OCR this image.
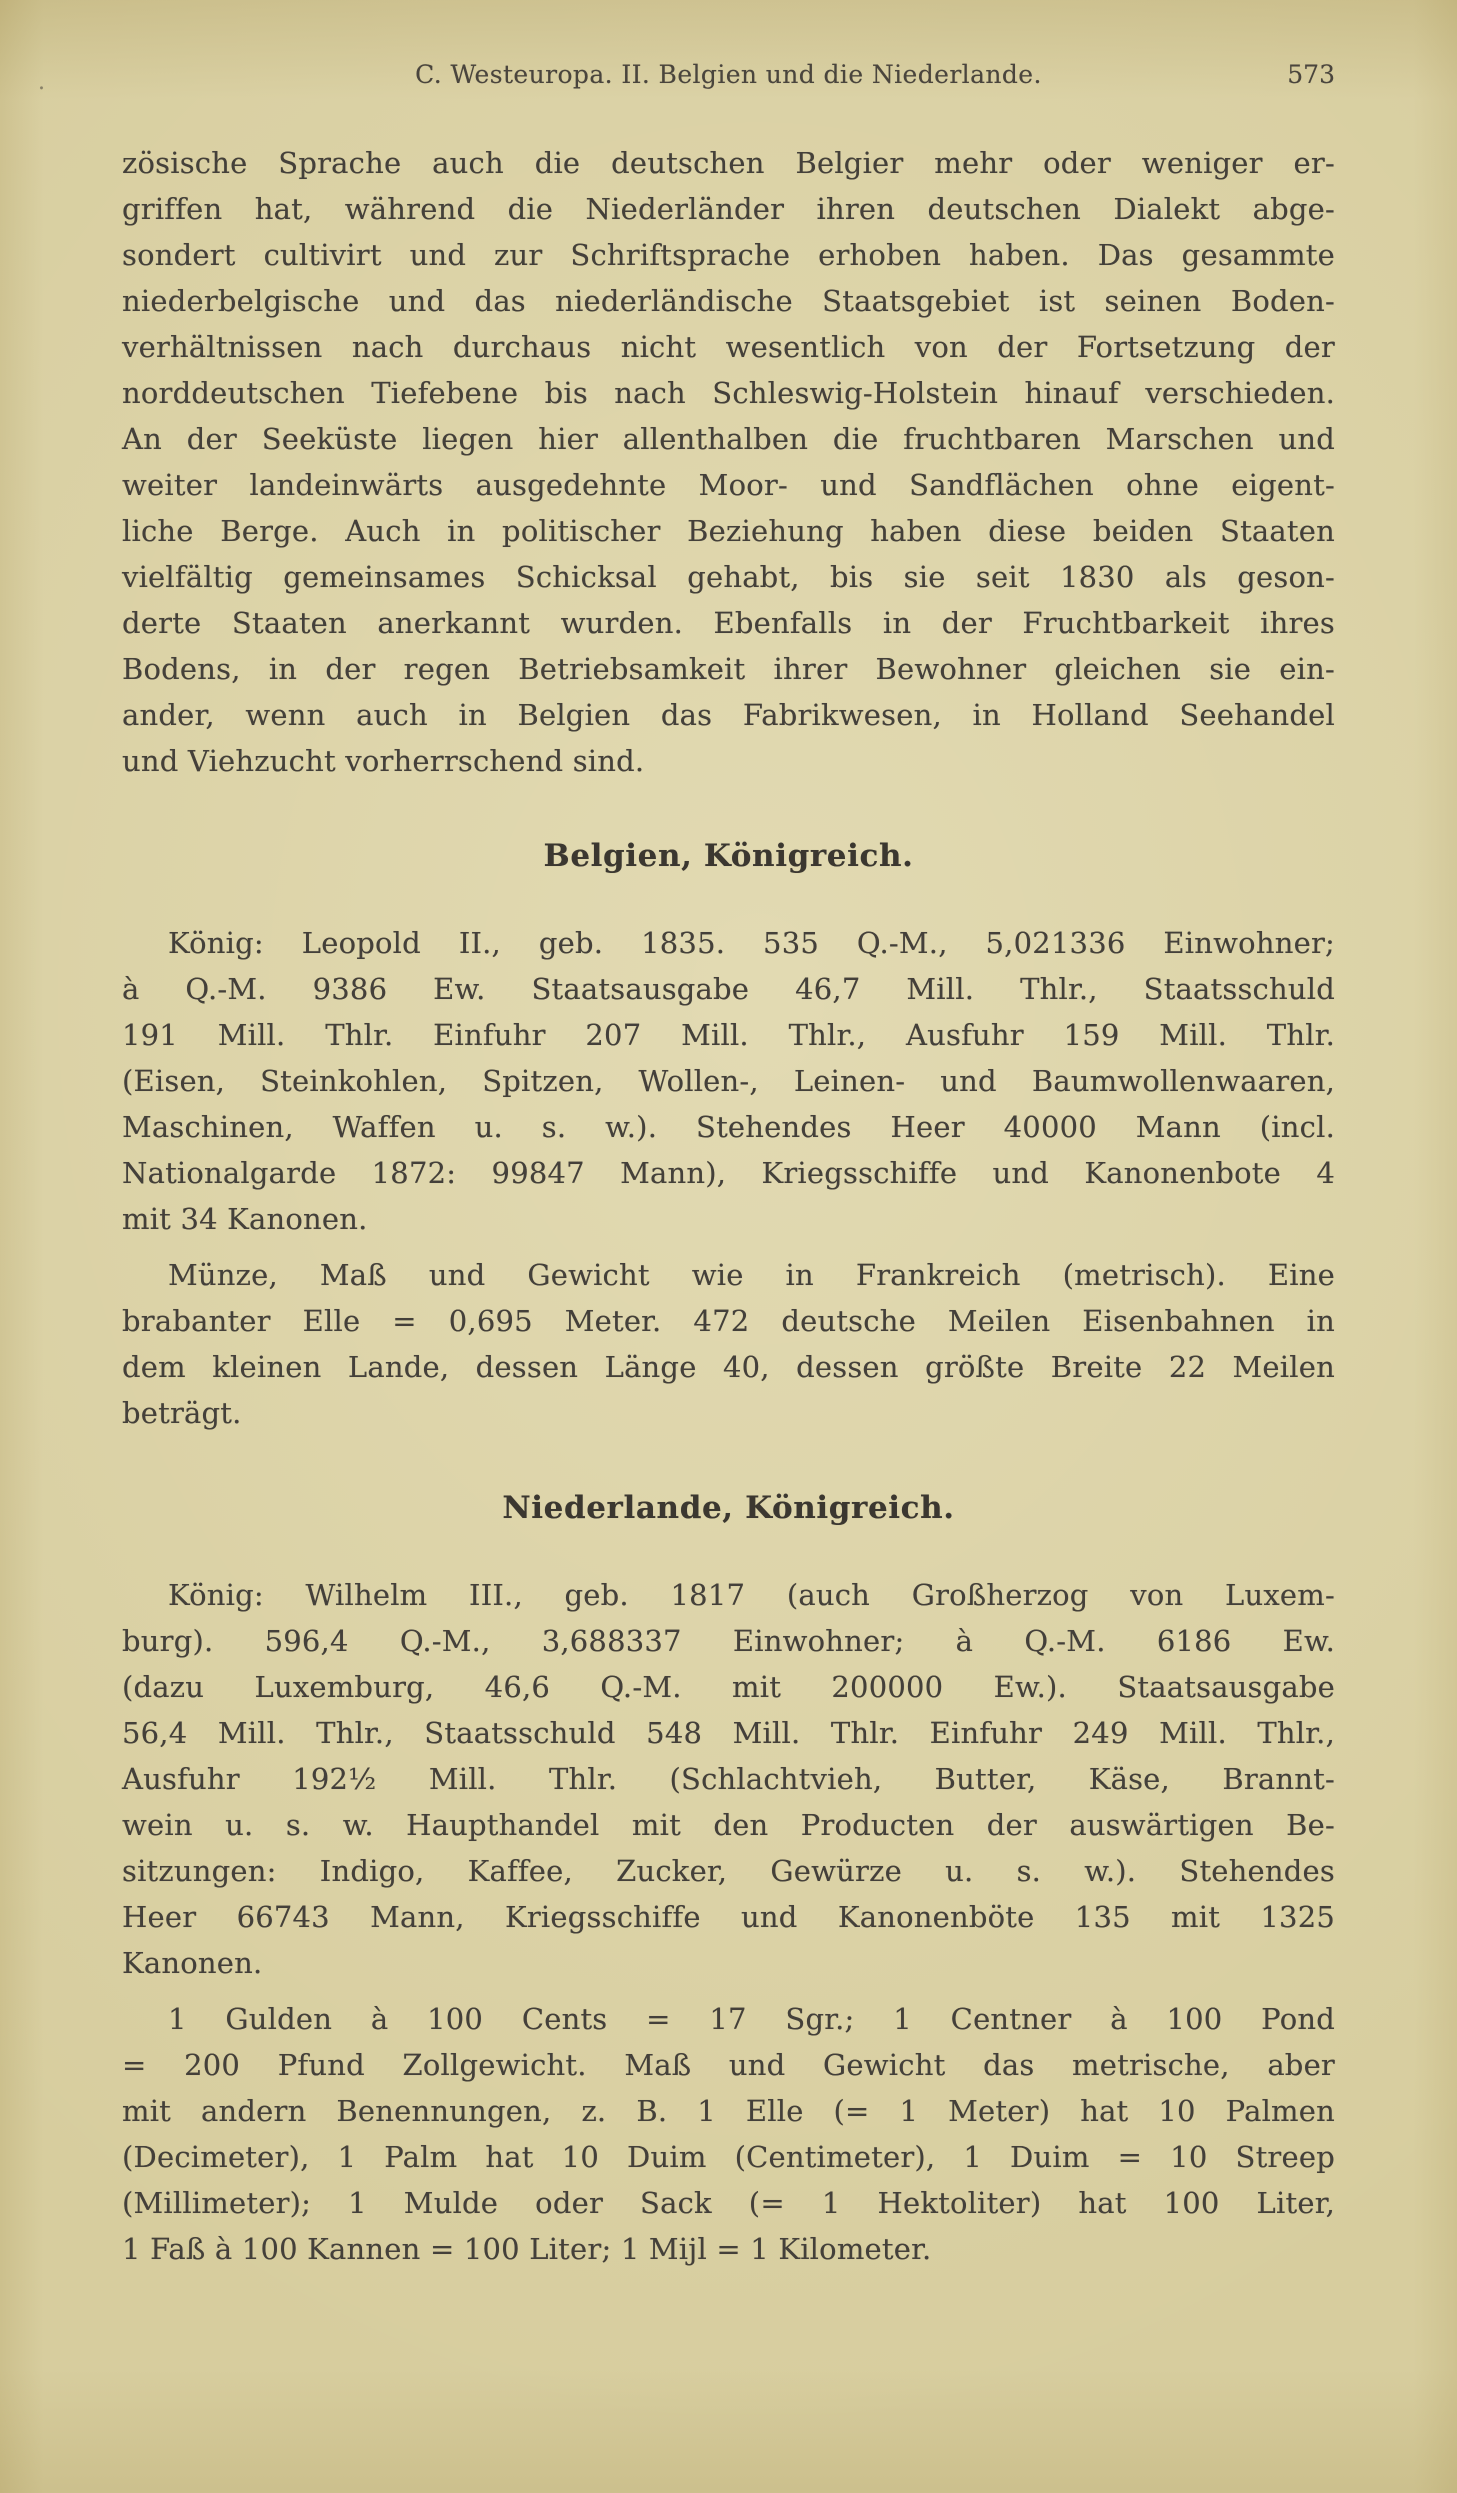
.	C. Westeuropa. II. Belgien und die Niederlande.	573
zösische Sprache auch die deutschen Belgier mehr oder weniger er-
griffen hat, während die Niederländer ihren deutschen Dialekt abge-
sondert cultivirt und zur Schriftsprache erhoben haben. Das gesammte
niederbelgische und das niederländische Staatsgebiet ist seinen Boden-
verhältnissen nach durchaus nicht wesentlich von der Fortsetzung der
norddeutschen Tiefebene bis nach Schleswig-Holstein hinauf verschieden.
An der Seeküste liegen hier allenthalben die fruchtbaren Marschen und
weiter landeinwärts ausgedehnte Moor- und Sandflächen ohne eigent-
liche Berge. Auch in politischer Beziehung haben diese beiden Staaten
vielfältig gemeinsames Schicksal gehabt, bis sie seit 1830 als geson-
derte Staaten anerkannt wurden. Ebenfalls in der Fruchtbarkeit ihres
Bodens, in der regen Betriebsamkeit ihrer Bewohner gleichen sie ein-
ander, wenn auch in Belgien das Fabrikwesen, in Holland Seehandel
und Viehzucht vorherrschend sind.
Belgien, Königreich.
König: Leopold II., geb. 1835. 535 Q.-M., 5,021336 Einwohner;
à Q.-M. 9386 Ew. Staatsausgabe 46,7 Mill. Thlr., Staatsschuld
191 Mill. Thlr. Einfuhr 207 Mill. Thlr., Ausfuhr 159 Mill. Thlr.
(Eisen, Steinkohlen, Spitzen, Wollen-, Leinen- und Baumwollenwaaren,
Maschinen, Waffen u. s. w.). Stehendes Heer 40000 Mann (incl.
Nationalgarde 1872: 99847 Mann), Kriegsschiffe und Kanonenbote 4
mit 34 Kanonen.
Münze, Maß und Gewicht wie in Frankreich (metrisch). Eine
brabanter Elle = 0,695 Meter. 472 deutsche Meilen Eisenbahnen in
dem kleinen Lande, dessen Länge 40, dessen größte Breite 22 Meilen
beträgt.
Niederlande, Königreich.
König: Wilhelm III., geb. 1817 (auch Großherzog von Luxem-
burg). 596,4 Q.-M., 3,688337 Einwohner; à Q.-M. 6186 Ew.
(dazu Luxemburg, 46,6 Q.-M. mit 200000 Ew.). Staatsausgabe
56,4 Mill. Thlr., Staatsschuld 548 Mill. Thlr. Einfuhr 249 Mill. Thlr.,
Ausfuhr 192½ Mill. Thlr. (Schlachtvieh, Butter, Käse, Brannt-
wein u. s. w. Haupthandel mit den Producten der auswärtigen Be-
sitzungen: Indigo, Kaffee, Zucker, Gewürze u. s. w.). Stehendes
Heer 66743 Mann, Kriegsschiffe und Kanonenböte 135 mit 1325
Kanonen.
1 Gulden à 100 Cents = 17 Sgr.; 1 Centner à 100 Pond
= 200 Pfund Zollgewicht. Maß und Gewicht das metrische, aber
mit andern Benennungen, z. B. 1 Elle (= 1 Meter) hat 10 Palmen
(Decimeter), 1 Palm hat 10 Duim (Centimeter), 1 Duim = 10 Streep
(Millimeter); 1 Mulde oder Sack (= 1 Hektoliter) hat 100 Liter,
1 Faß à 100 Kannen = 100 Liter; 1 Mijl = 1 Kilometer.
